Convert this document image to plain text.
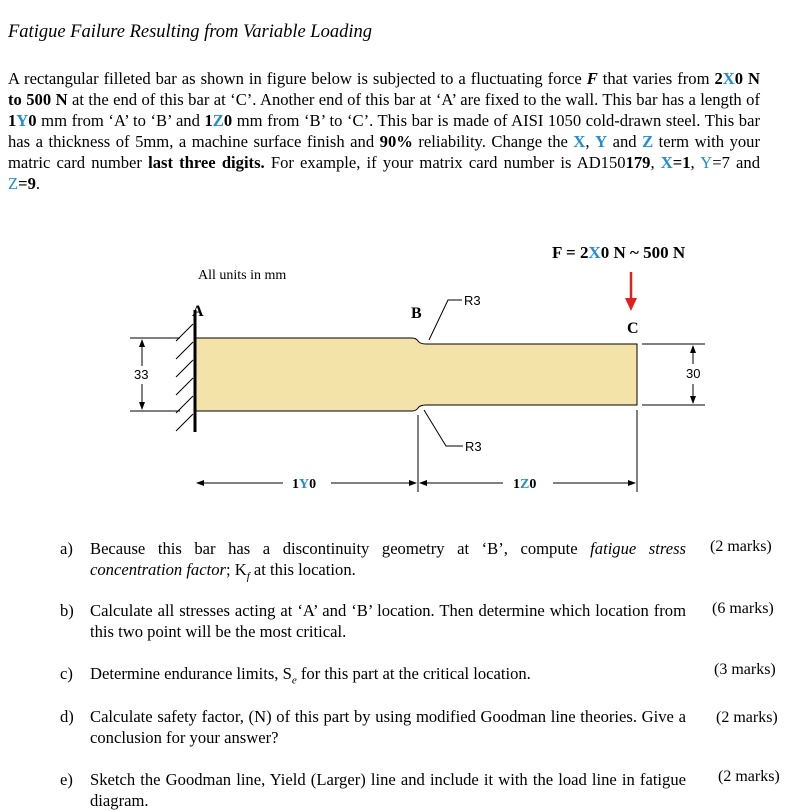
Fatigue Failure Resulting from Variable Loading
A rectangular filleted bar as shown in figure below is subjected to a fluctuating force F that varies from 2X0 N to 500 N at the end of this bar at ‘C’. Another end of this bar at ‘A’ are fixed to the wall. This bar has a length of 1Y0 mm from ‘A’ to ‘B’ and 1Z0 mm from ‘B’ to ‘C’. This bar is made of AISI 1050 cold-drawn steel. This bar has a thickness of 5mm, a machine surface finish and 90% reliability. Change the X, Y and Z term with your matric card number last three digits. For example, if your matrix card number is AD150179, X=1, Y=7 and Z=9.
F = 2X0 N ~ 500 N
All units in mm
A	B
C
R3
R3
33	30
1Y0	1Z0
a) Because this bar has a discontinuity geometry at ‘B’, compute fatigue stress concentration factor; $K_f$ at this location.
(2 marks)
b) Calculate all stresses acting at ‘A’ and ‘B’ location. Then determine which location from this two point will be the most critical.
(6 marks)
c) Determine endurance limits, $S_e$ for this part at the critical location.	(3 marks)
d) Calculate safety factor, (N) of this part by using modified Goodman line theories. Give a conclusion for your answer?
(2 marks)
e) Sketch the Goodman line, Yield (Larger) line and include it with the load line in fatigue diagram.
(2 marks)
